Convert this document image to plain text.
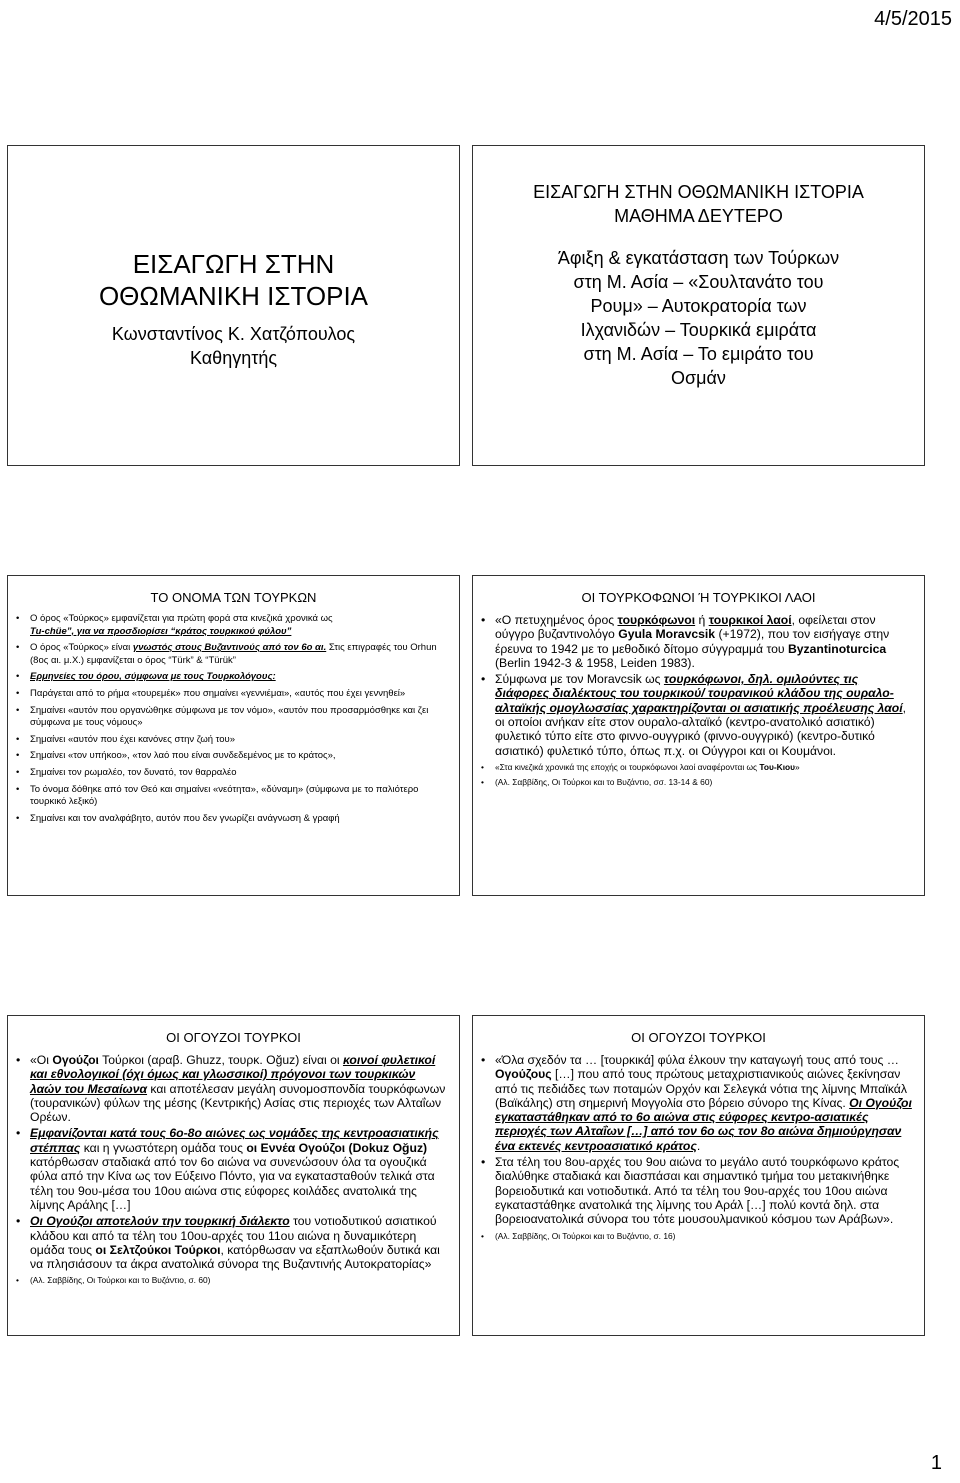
4/5/2015
ΕΙΣΑΓΩΓΗ ΣΤΗΝ
ΟΘΩΜΑΝΙΚΗ ΙΣΤΟΡΙΑ
Κωνσταντίνος Κ. Χατζόπουλος
Καθηγητής
ΕΙΣΑΓΩΓΗ ΣΤΗΝ ΟΘΩΜΑΝΙΚΗ ΙΣΤΟΡΙΑ
ΜΑΘΗΜΑ ΔΕΥΤΕΡΟ
Άφιξη & εγκατάσταση των Τούρκων
στη Μ. Ασία – «Σουλτανάτο του
Ρουμ» – Αυτοκρατορία των
Ιλχανιδών – Τουρκικά εμιράτα
στη Μ. Ασία – Το εμιράτο του
Οσμάν
ΤΟ ΟΝΟΜΑ ΤΩΝ ΤΟΥΡΚΩΝ
• Ο όρος «Τούρκος» εμφανίζεται για πρώτη φορά στα κινεζικά χρονικά ως
Tu-chüe”, για να προσδιορίσει “κράτος τουρκικού φύλου”
• Ο όρος «Τούρκος» είναι γνωστός στους Βυζαντινούς από τον 6ο αι. Στις επιγραφές του Orhun (8ος αι. μ.Χ.) εμφανίζεται ο όρος “Türk” & “Türük”
• Ερμηνείες του όρου, σύμφωνα με τους Τουρκολόγους:
• Παράγεται από το ρήμα «τουρεμέκ» που σημαίνει «γεννιέμαι», «αυτός που έχει γεννηθεί»
• Σημαίνει «αυτόν που οργανώθηκε σύμφωνα με τον νόμο», «αυτόν που προσαρμόσθηκε και ζει σύμφωνα με τους νόμους»
• Σημαίνει «αυτόν που έχει κανόνες στην ζωή του»
• Σημαίνει «τον υπήκοο», «τον λαό που είναι συνδεδεμένος με το κράτος»,
• Σημαίνει τον ρωμαλέο, τον δυνατό, τον θαρραλέο
• Το όνομα δόθηκε από τον Θεό και σημαίνει «νεότητα», «δύναμη» (σύμφωνα με το παλιότερο τουρκικό λεξικό)
• Σημαίνει και τον αναλφάβητο, αυτόν που δεν γνωρίζει ανάγνωση & γραφή
ΟΙ ΤΟΥΡΚΟΦΩΝΟΙ Ή ΤΟΥΡΚΙΚΟΙ ΛΑΟΙ
• «Ο πετυχημένος όρος τουρκόφωνοι ή τουρκικοί λαοί, οφείλεται στον ούγγρο βυζαντινολόγο Gyula Moravcsik (+1972), που τον εισήγαγε στην έρευνα το 1942 με το μεθοδικό δίτομο σύγγραμμά του Byzantinoturcica (Berlin 1942-3 & 1958, Leiden 1983).
• Σύμφωνα με τον Moravcsik ως τουρκόφωνοι, δηλ. ομιλούντες τις διάφορες διαλέκτους του τουρκικού/ τουρανικού κλάδου της ουραλο-αλταϊκής ομογλωσσίας χαρακτηρίζονται οι ασιατικής προέλευσης λαοί, οι οποίοι ανήκαν είτε στον ουραλο-αλταϊκό (κεντρο-ανατολικό ασιατικό) φυλετικό τύπο είτε στο φιννο-ουγγρικό (φιννο-ουγγρικό) (κεντρο-δυτικό ασιατικό) φυλετικό τύπο, όπως π.χ. οι Ούγγροι και οι Κουμάνοι.
• «Στα κινεζικά χρονικά της εποχής οι τουρκόφωνοι λαοί αναφέρονται ως Του-Κιου»
• (Αλ. Σαββίδης, Οι Τούρκοι και το Βυζάντιο, σσ. 13-14 & 60)
ΟΙ ΟΓΟΥΖΟΙ ΤΟΥΡΚΟΙ
• «Οι Ογούζοι Τούρκοι (αραβ. Ghuzz, τουρκ. Oğuz) είναι οι κοινοί φυλετικοί και εθνολογικοί (όχι όμως και γλωσσικοί) πρόγονοι των τουρκικών λαών του Μεσαίωνα και αποτέλεσαν μεγάλη συνομοσπονδία τουρκόφωνων (τουρανικών) φύλων της μέσης (Κεντρικής) Ασίας στις περιοχές των Αλταΐων Ορέων.
• Εμφανίζονται κατά τους 6ο-8ο αιώνες ως νομάδες της κεντροασιατικής στέππας και η γνωστότερη ομάδα τους οι Εννέα Ογούζοι (Dokuz Oğuz) κατόρθωσαν σταδιακά από τον 6ο αιώνα να συνενώσουν όλα τα ογουζικά φύλα από την Κίνα ως τον Εύξεινο Πόντο, για να εγκατασταθούν τελικά στα τέλη του 9ου-μέσα του 10ου αιώνα στις εύφορες κοιλάδες ανατολικά της λίμνης Αράλης […]
• Οι Ογούζοι αποτελούν την τουρκική διάλεκτο του νοτιοδυτικού ασιατικού κλάδου και από τα τέλη του 10ου-αρχές του 11ου αιώνα η δυναμικότερη ομάδα τους οι Σελτζούκοι Τούρκοι, κατόρθωσαν να εξαπλωθούν δυτικά και να πλησιάσουν τα άκρα ανατολικά σύνορα της Βυζαντινής Αυτοκρατορίας»
• (Αλ. Σαββίδης, Οι Τούρκοι και το Βυζάντιο, σ. 60)
ΟΙ ΟΓΟΥΖΟΙ ΤΟΥΡΚΟΙ
• «Όλα σχεδόν τα … [τουρκικά] φύλα έλκουν την καταγωγή τους από τους … Ογούζους […] που από τους πρώτους μεταχριστιανικούς αιώνες ξεκίνησαν από τις πεδιάδες των ποταμών Ορχόν και Σελεγκά νότια της λίμνης Μπαϊκάλ (Βαϊκάλης) στη σημερινή Μογγολία στο βόρειο σύνορο της Κίνας. Οι Ογούζοι εγκαταστάθηκαν από το 6ο αιώνα στις εύφορες κεντρο-ασιατικές περιοχές των Αλταΐων […] από τον 6ο ως τον 8ο αιώνα δημιούργησαν ένα εκτενές κεντροασιατικό κράτος.
• Στα τέλη του 8ου-αρχές του 9ου αιώνα το μεγάλο αυτό τουρκόφωνο κράτος διαλύθηκε σταδιακά και διασπάσαι και σημαντικό τμήμα του μετακινήθηκε βορειοδυτικά και νοτιοδυτικά. Από τα τέλη του 9ου-αρχές του 10ου αιώνα εγκαταστάθηκε ανατολικά της λίμνης του Αράλ […] πολύ κοντά δηλ. στα βορειοανατολικά σύνορα του τότε μουσουλμανικού κόσμου των Αράβων».
• (Αλ. Σαββίδης, Οι Τούρκοι και το Βυζάντιο, σ. 16)
1
